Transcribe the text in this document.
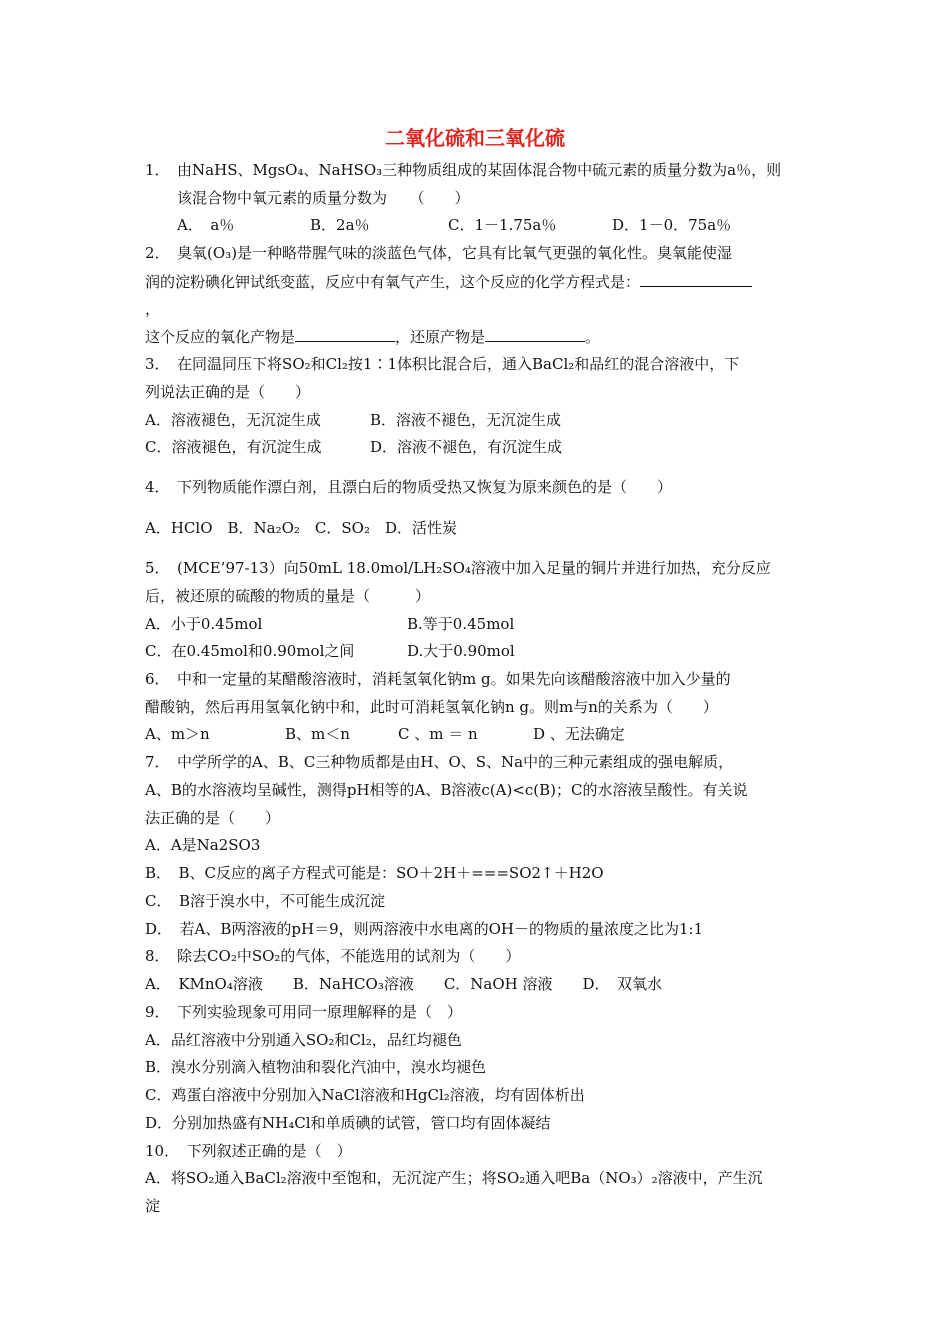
二氧化硫和三氧化硫
1．　由NaHS、MgsO₄、NaHSO₃三种物质组成的某固体混合物中硫元素的质量分数为a％，则
该混合物中氧元素的质量分数为　　（　　）
A．　a％	B．2a％	C．1－1.75a％	D．1－0．75a％
2．　臭氧(O₃)是一种略带腥气味的淡蓝色气体，它具有比氧气更强的氧化性。臭氧能使湿
润的淀粉碘化钾试纸变蓝，反应中有氧气产生，这个反应的化学方程式是：
，
这个反应的氧化产物是	，还原产物是	。
3．　在同温同压下将SO₂和Cl₂按1∶1体积比混合后，通入BaCl₂和品红的混合溶液中，下
列说法正确的是（　　）
A．溶液褪色，无沉淀生成	B．溶液不褪色，无沉淀生成
C．溶液褪色，有沉淀生成	D．溶液不褪色，有沉淀生成
4．　下列物质能作漂白剂，且漂白后的物质受热又恢复为原来颜色的是（　　）
A．HClO　B．Na₂O₂　C．SO₂　D．活性炭
5．　(MCE’97-13）向50mL 18.0mol/LH₂SO₄溶液中加入足量的铜片并进行加热，充分反应
后，被还原的硫酸的物质的量是（　　　）
A．小于0.45mol	B.等于0.45mol
C．在0.45mol和0.90mol之间	D.大于0.90mol
6．　中和一定量的某醋酸溶液时，消耗氢氧化钠m g。如果先向该醋酸溶液中加入少量的
醋酸钠，然后再用氢氧化钠中和，此时可消耗氢氧化钠n g。则m与n的关系为（　　）
A、m＞n	B、m＜n	C 、m ＝ n	D 、无法确定
7．　中学所学的A、B、C三种物质都是由H、O、S、Na中的三种元素组成的强电解质，
A、B的水溶液均呈碱性，测得pH相等的A、B溶液c(A)<c(B)；C的水溶液呈酸性。有关说
法正确的是（　　）
A．A是Na2SO3
B．　B、C反应的离子方程式可能是：SO＋2H＋===SO2↑＋H2O
C．　B溶于溴水中，不可能生成沉淀
D．　若A、B两溶液的pH＝9，则两溶液中水电离的OH－的物质的量浓度之比为1:1
8．　除去CO₂中SO₂的气体，不能选用的试剂为（　　）
A．　KMnO₄溶液　　B．NaHCO₃溶液　　C．NaOH 溶液　　D．　双氧水
9．　下列实验现象可用同一原理解释的是（　）
A．品红溶液中分别通入SO₂和Cl₂，品红均褪色
B．溴水分别滴入植物油和裂化汽油中，溴水均褪色
C．鸡蛋白溶液中分别加入NaCl溶液和HgCl₂溶液，均有固体析出
D．分别加热盛有NH₄Cl和单质碘的试管，管口均有固体凝结
10．　下列叙述正确的是（　）
A．将SO₂通入BaCl₂溶液中至饱和，无沉淀产生；将SO₂通入吧Ba（NO₃）₂溶液中，产生沉
淀
